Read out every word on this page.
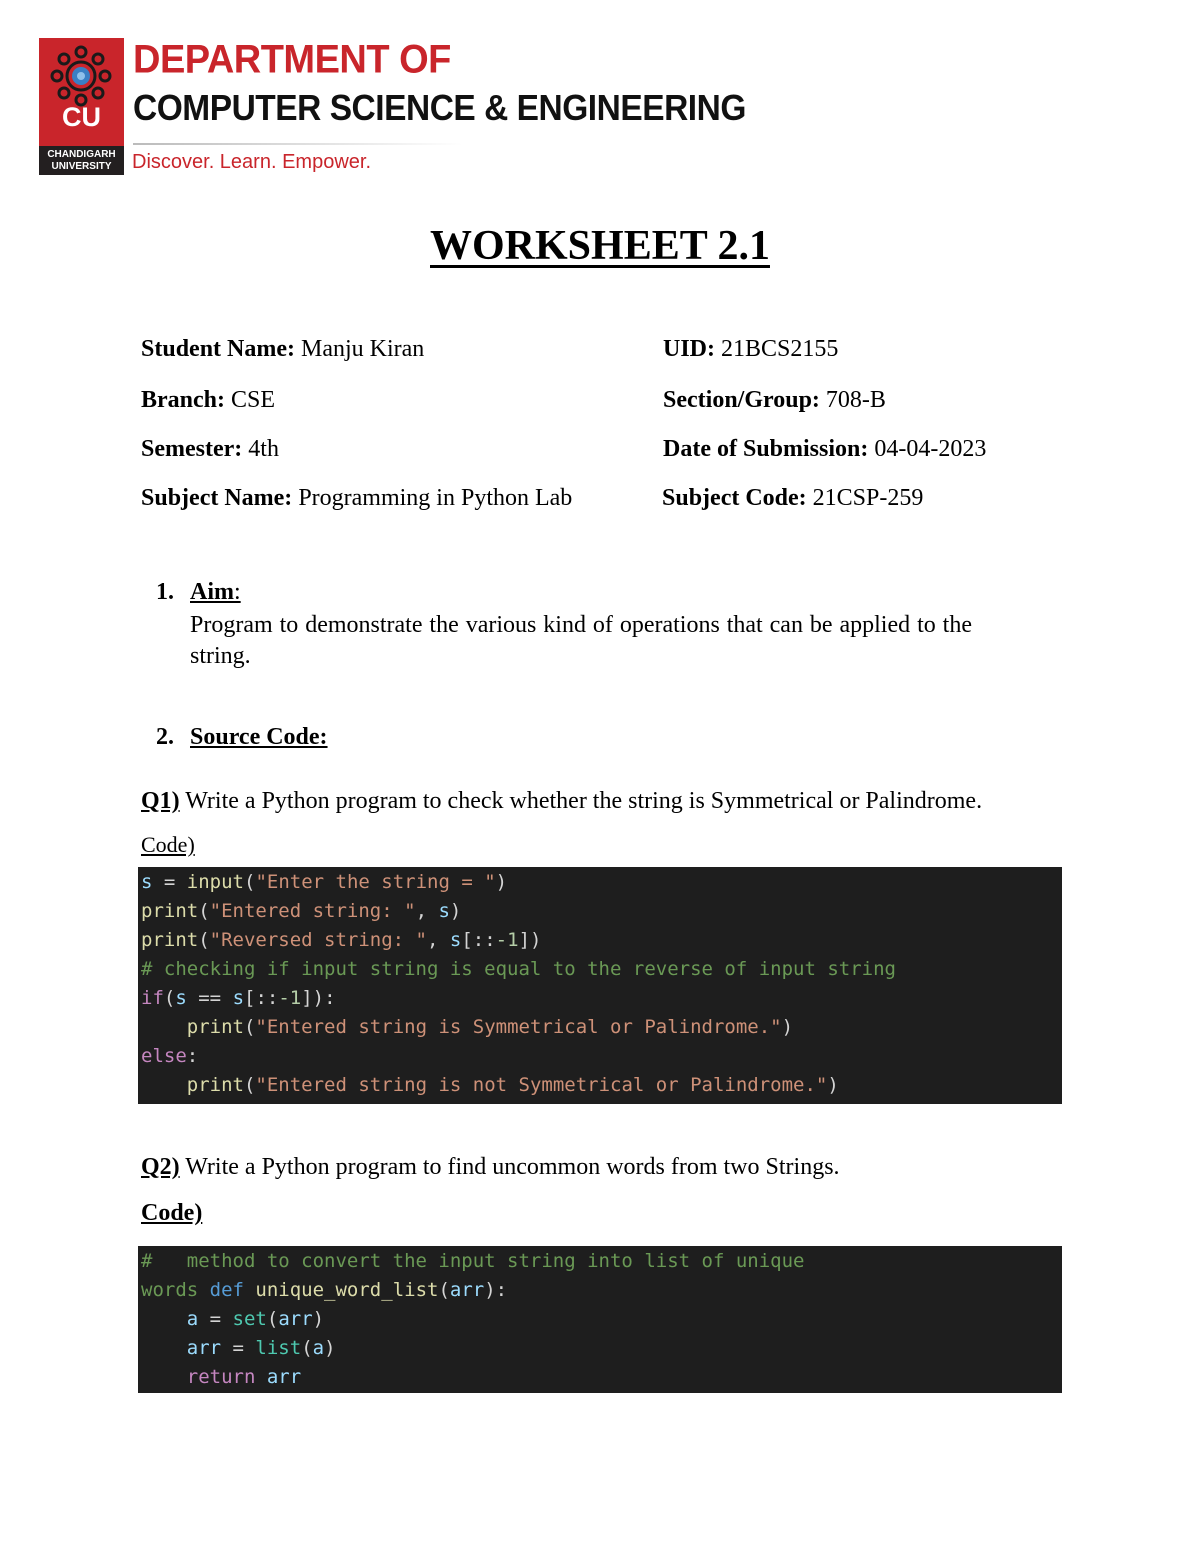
CU
CHANDIGARH UNIVERSITY
DEPARTMENT OF
COMPUTER SCIENCE & ENGINEERING
Discover. Learn. Empower.
WORKSHEET 2.1
Student Name: Manju Kiran	UID: 21BCS2155
Branch: CSE	Section/Group: 708-B
Semester: 4th	Date of Submission: 04-04-2023
Subject Name: Programming in Python Lab	Subject Code: 21CSP-259
1. Aim:
Program to demonstrate the various kind of operations that can be applied to the string.
2. Source Code:
Q1) Write a Python program to check whether the string is Symmetrical or Palindrome.
Code)
s = input("Enter the string = ")
print("Entered string: ", s)
print("Reversed string: ", s[::-1])
# checking if input string is equal to the reverse of input string
if(s == s[::-1]):
print("Entered string is Symmetrical or Palindrome.")
else:
print("Entered string is not Symmetrical or Palindrome.")
Q2) Write a Python program to find uncommon words from two Strings.
Code)
#   method to convert the input string into list of unique
words def unique_word_list(arr):
a = set(arr)
arr = list(a)
return arr
